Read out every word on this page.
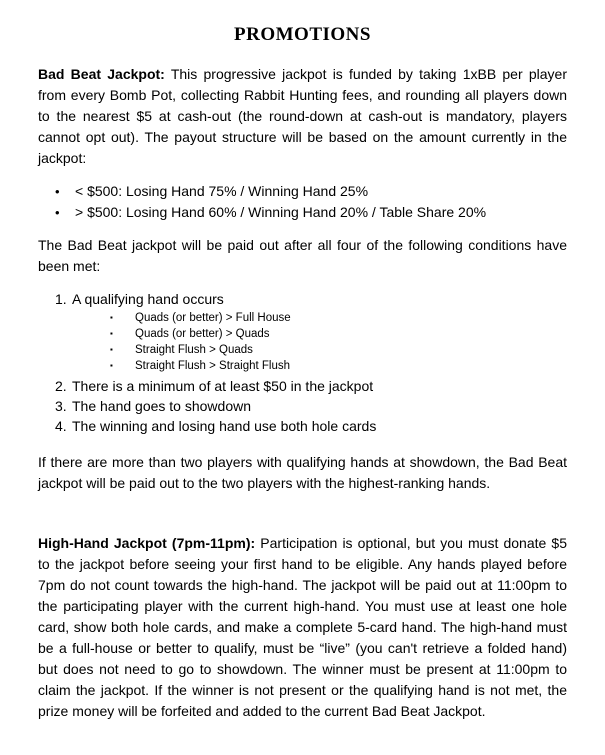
PROMOTIONS

Bad Beat Jackpot: This progressive jackpot is funded by taking 1xBB per player from every Bomb Pot, collecting Rabbit Hunting fees, and rounding all players down to the nearest $5 at cash-out (the round-down at cash-out is mandatory, players cannot opt out). The payout structure will be based on the amount currently in the jackpot:

•	< $500: Losing Hand 75% / Winning Hand 25%
•	> $500: Losing Hand 60% / Winning Hand 20% / Table Share 20%

The Bad Beat jackpot will be paid out after all four of the following conditions have been met:

1. A qualifying hand occurs
▪	Quads (or better) > Full House
▪	Quads (or better) > Quads
▪	Straight Flush > Quads
▪	Straight Flush > Straight Flush
2. There is a minimum of at least $50 in the jackpot
3. The hand goes to showdown
4. The winning and losing hand use both hole cards

If there are more than two players with qualifying hands at showdown, the Bad Beat jackpot will be paid out to the two players with the highest-ranking hands.

High-Hand Jackpot (7pm-11pm): Participation is optional, but you must donate $5 to the jackpot before seeing your first hand to be eligible. Any hands played before 7pm do not count towards the high-hand. The jackpot will be paid out at 11:00pm to the participating player with the current high-hand. You must use at least one hole card, show both hole cards, and make a complete 5-card hand. The high-hand must be a full-house or better to qualify, must be “live” (you can't retrieve a folded hand) but does not need to go to showdown. The winner must be present at 11:00pm to claim the jackpot. If the winner is not present or the qualifying hand is not met, the prize money will be forfeited and added to the current Bad Beat Jackpot.
